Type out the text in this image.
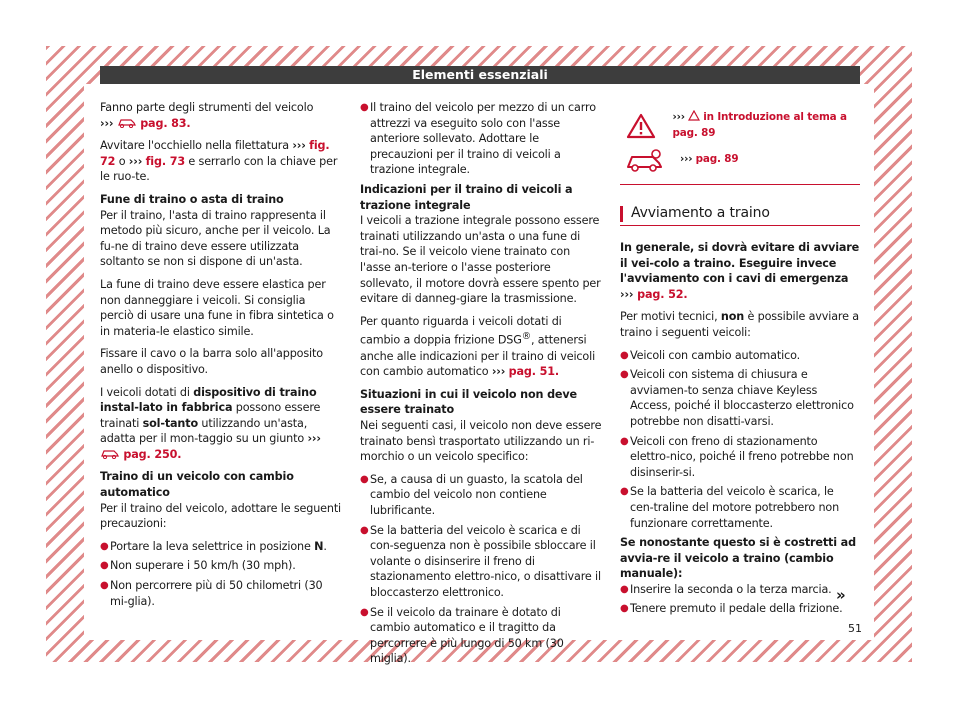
Elementi essenziali
Fanno parte degli strumenti del veicolo
››› pag. 83.
Avvitare l'occhiello nella filettatura ››› fig. 72 o ››› fig. 73 e serrarlo con la chiave per le ruo-te.
Fune di traino o asta di traino
Per il traino, l'asta di traino rappresenta il metodo più sicuro, anche per il veicolo. La fu-ne di traino deve essere utilizzata soltanto se non si dispone di un'asta.
La fune di traino deve essere elastica per non danneggiare i veicoli. Si consiglia perciò di usare una fune in fibra sintetica o in materia-le elastico simile.
Fissare il cavo o la barra solo all'apposito anello o dispositivo.
I veicoli dotati di dispositivo di traino instal-lato in fabbrica possono essere trainati sol-tanto utilizzando un'asta, adatta per il mon-taggio su un giunto ›››  pag. 250.
Traino di un veicolo con cambio automatico
Per il traino del veicolo, adottare le seguenti precauzioni:
● Portare la leva selettrice in posizione N.
● Non superare i 50 km/h (30 mph).
● Non percorrere più di 50 chilometri (30 mi-glia).
● Il traino del veicolo per mezzo di un carro attrezzi va eseguito solo con l'asse anteriore sollevato. Adottare le precauzioni per il traino di veicoli a trazione integrale.
Indicazioni per il traino di veicoli a trazione integrale
I veicoli a trazione integrale possono essere trainati utilizzando un'asta o una fune di trai-no. Se il veicolo viene trainato con l'asse an-teriore o l'asse posteriore sollevato, il motore dovrà essere spento per evitare di danneg-giare la trasmissione.
Per quanto riguarda i veicoli dotati di cambio a doppia frizione DSG®, attenersi anche alle indicazioni per il traino di veicoli con cambio automatico ››› pag. 51.
Situazioni in cui il veicolo non deve essere trainato
Nei seguenti casi, il veicolo non deve essere trainato bensì trasportato utilizzando un ri-morchio o un veicolo specifico:
● Se, a causa di un guasto, la scatola del cambio del veicolo non contiene lubrificante.
● Se la batteria del veicolo è scarica e di con-seguenza non è possibile sbloccare il volante o disinserire il freno di stazionamento elettro-nico, o disattivare il bloccasterzo elettronico.
● Se il veicolo da trainare è dotato di cambio automatico e il tragitto da percorrere è più lungo di 50 km (30 miglia).
››› in Introduzione al tema a pag. 89
››› pag. 89
Avviamento a traino
In generale, si dovrà evitare di avviare il vei-colo a traino. Eseguire invece l'avviamento con i cavi di emergenza ››› pag. 52.
Per motivi tecnici, non è possibile avviare a traino i seguenti veicoli:
● Veicoli con cambio automatico.
● Veicoli con sistema di chiusura e avviamen-to senza chiave Keyless Access, poiché il bloccasterzo elettronico potrebbe non disatti-varsi.
● Veicoli con freno di stazionamento elettro-nico, poiché il freno potrebbe non disinserir-si.
● Se la batteria del veicolo è scarica, le cen-traline del motore potrebbero non funzionare correttamente.
Se nonostante questo si è costretti ad avvia-re il veicolo a traino (cambio manuale):
● Inserire la seconda o la terza marcia.
● Tenere premuto il pedale della frizione.
»
51
